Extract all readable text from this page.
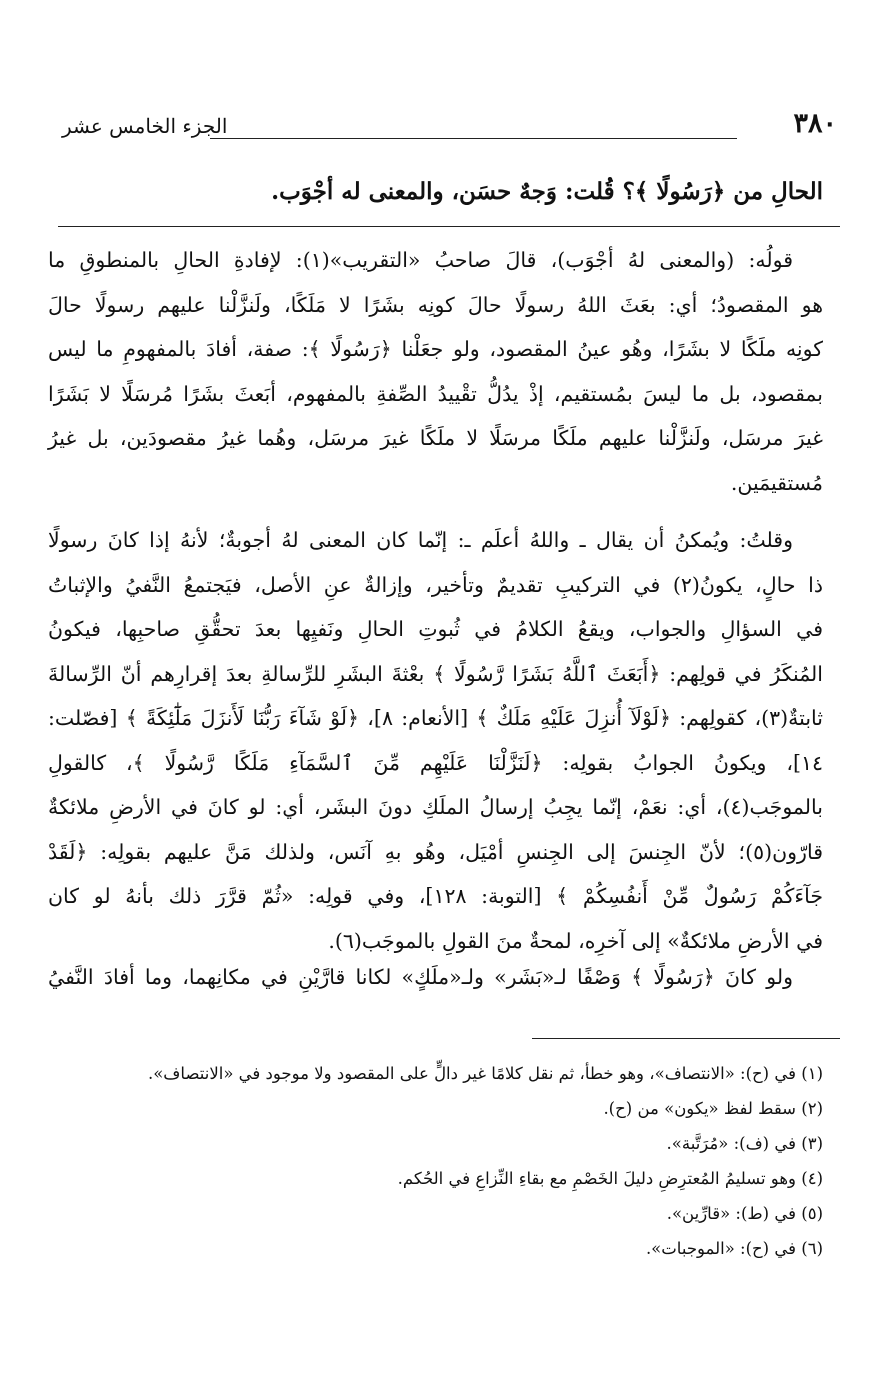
الجزء الخامس عشر	٣٨٠
الحالِ من ﴿رَسُولًا ﴾؟ قُلت: وَجهٌ حسَن، والمعنى له أجْوَب.
قولُه: (والمعنى لهُ أجْوَب)، قالَ صاحبُ «التقريب»(١): لإفادةِ الحالِ بالمنطوقِ ما
هو المقصودُ؛ أي: بعَثَ اللهُ رسولًا حالَ كونِه بشَرًا لا مَلَكًا، ولَنزَّلْنا عليهم رسولًا حالَ
كونِه ملَكًا لا بشَرًا، وهُو عينُ المقصود، ولو جعَلْنا ﴿رَسُولًا ﴾: صفة، أفادَ بالمفهومِ ما ليس
بمقصود، بل ما ليسَ بمُستقيم، إذْ يدُلُّ تقْييدُ الصِّفةِ بالمفهوم، أبَعثَ بشَرًا مُرسَلًا لا بَشَرًا
غيرَ مرسَل، ولَنزَّلْنا عليهم ملَكًا مرسَلًا لا ملَكًا غيرَ مرسَل، وهُما غيرُ مقصودَين، بل غيرُ
مُستقيمَين.
وقلتُ: ويُمكنُ أن يقال ـ واللهُ أعلَم ـ: إنّما كان المعنى لهُ أجوبةٌ؛ لأنهُ إذا كانَ رسولًا
ذا حالٍ، يكونُ(٢) في التركيبِ تقديمٌ وتأخير، وإزالةٌ عنِ الأصل، فيَجتمعُ النَّفيُ والإثباتُ
في السؤالِ والجواب، ويقعُ الكلامُ في ثُبوتِ الحالِ ونَفيِها بعدَ تحقُّقِ صاحبِها، فيكونُ
المُنكَرُ في قولِهم: ﴿أَبَعَثَ ٱللَّهُ بَشَرًا رَّسُولًا ﴾ بعْثةَ البشَرِ للرِّسالةِ بعدَ إقرارِهم أنّ الرِّسالةَ
ثابتةٌ(٣)، كقولِهم: ﴿لَوْلَآ أُنزِلَ عَلَيْهِ مَلَكٌ ﴾ [الأنعام: ٨]، ﴿لَوْ شَآءَ رَبُّنَا لَأَنزَلَ مَلَٰٓئِكَةً ﴾ [فصّلت:
١٤]، ويكونُ الجوابُ بقولِه: ﴿لَنَزَّلْنَا عَلَيْهِم مِّنَ ٱلسَّمَآءِ مَلَكًا رَّسُولًا ﴾، كالقولِ
بالموجَب(٤)، أي: نعَمْ، إنّما يجِبُ إرسالُ الملَكِ دونَ البشَر، أي: لو كانَ في الأرضِ ملائكةٌ
قارّون(٥)؛ لأنّ الجِنسَ إلى الجِنسِ أمْيَل، وهُو بهِ آنَس، ولذلك مَنَّ عليهم بقولِه: ﴿لَقَدْ
جَآءَكُمْ رَسُولٌ مِّنْ أَنفُسِكُمْ ﴾ [التوبة: ١٢٨]، وفي قولِه: «ثُمّ قرَّرَ ذلك بأنهُ لو كان
في الأرضِ ملائكةٌ» إلى آخرِه، لمحةٌ منَ القولِ بالموجَب(٦).
ولو كانَ ﴿رَسُولًا ﴾ وَصْفًا لـ«بَشَر» ولـ«ملَكٍ» لكانا قارَّيْنِ في مكانِهما، وما أفادَ النَّفيُ
(١) في (ح): «الانتصاف»، وهو خطأ، ثم نقل كلامًا غير دالٍّ على المقصود ولا موجود في «الانتصاف».
(٢) سقط لفظ «يكون» من (ح).
(٣) في (ف): «مُرَتَّبة».
(٤) وهو تسليمُ المُعترِضِ دليلَ الخَصْمِ مع بقاءِ النِّزاعِ في الحُكم.
(٥) في (ط): «قارِّين».
(٦) في (ح): «الموجبات».
